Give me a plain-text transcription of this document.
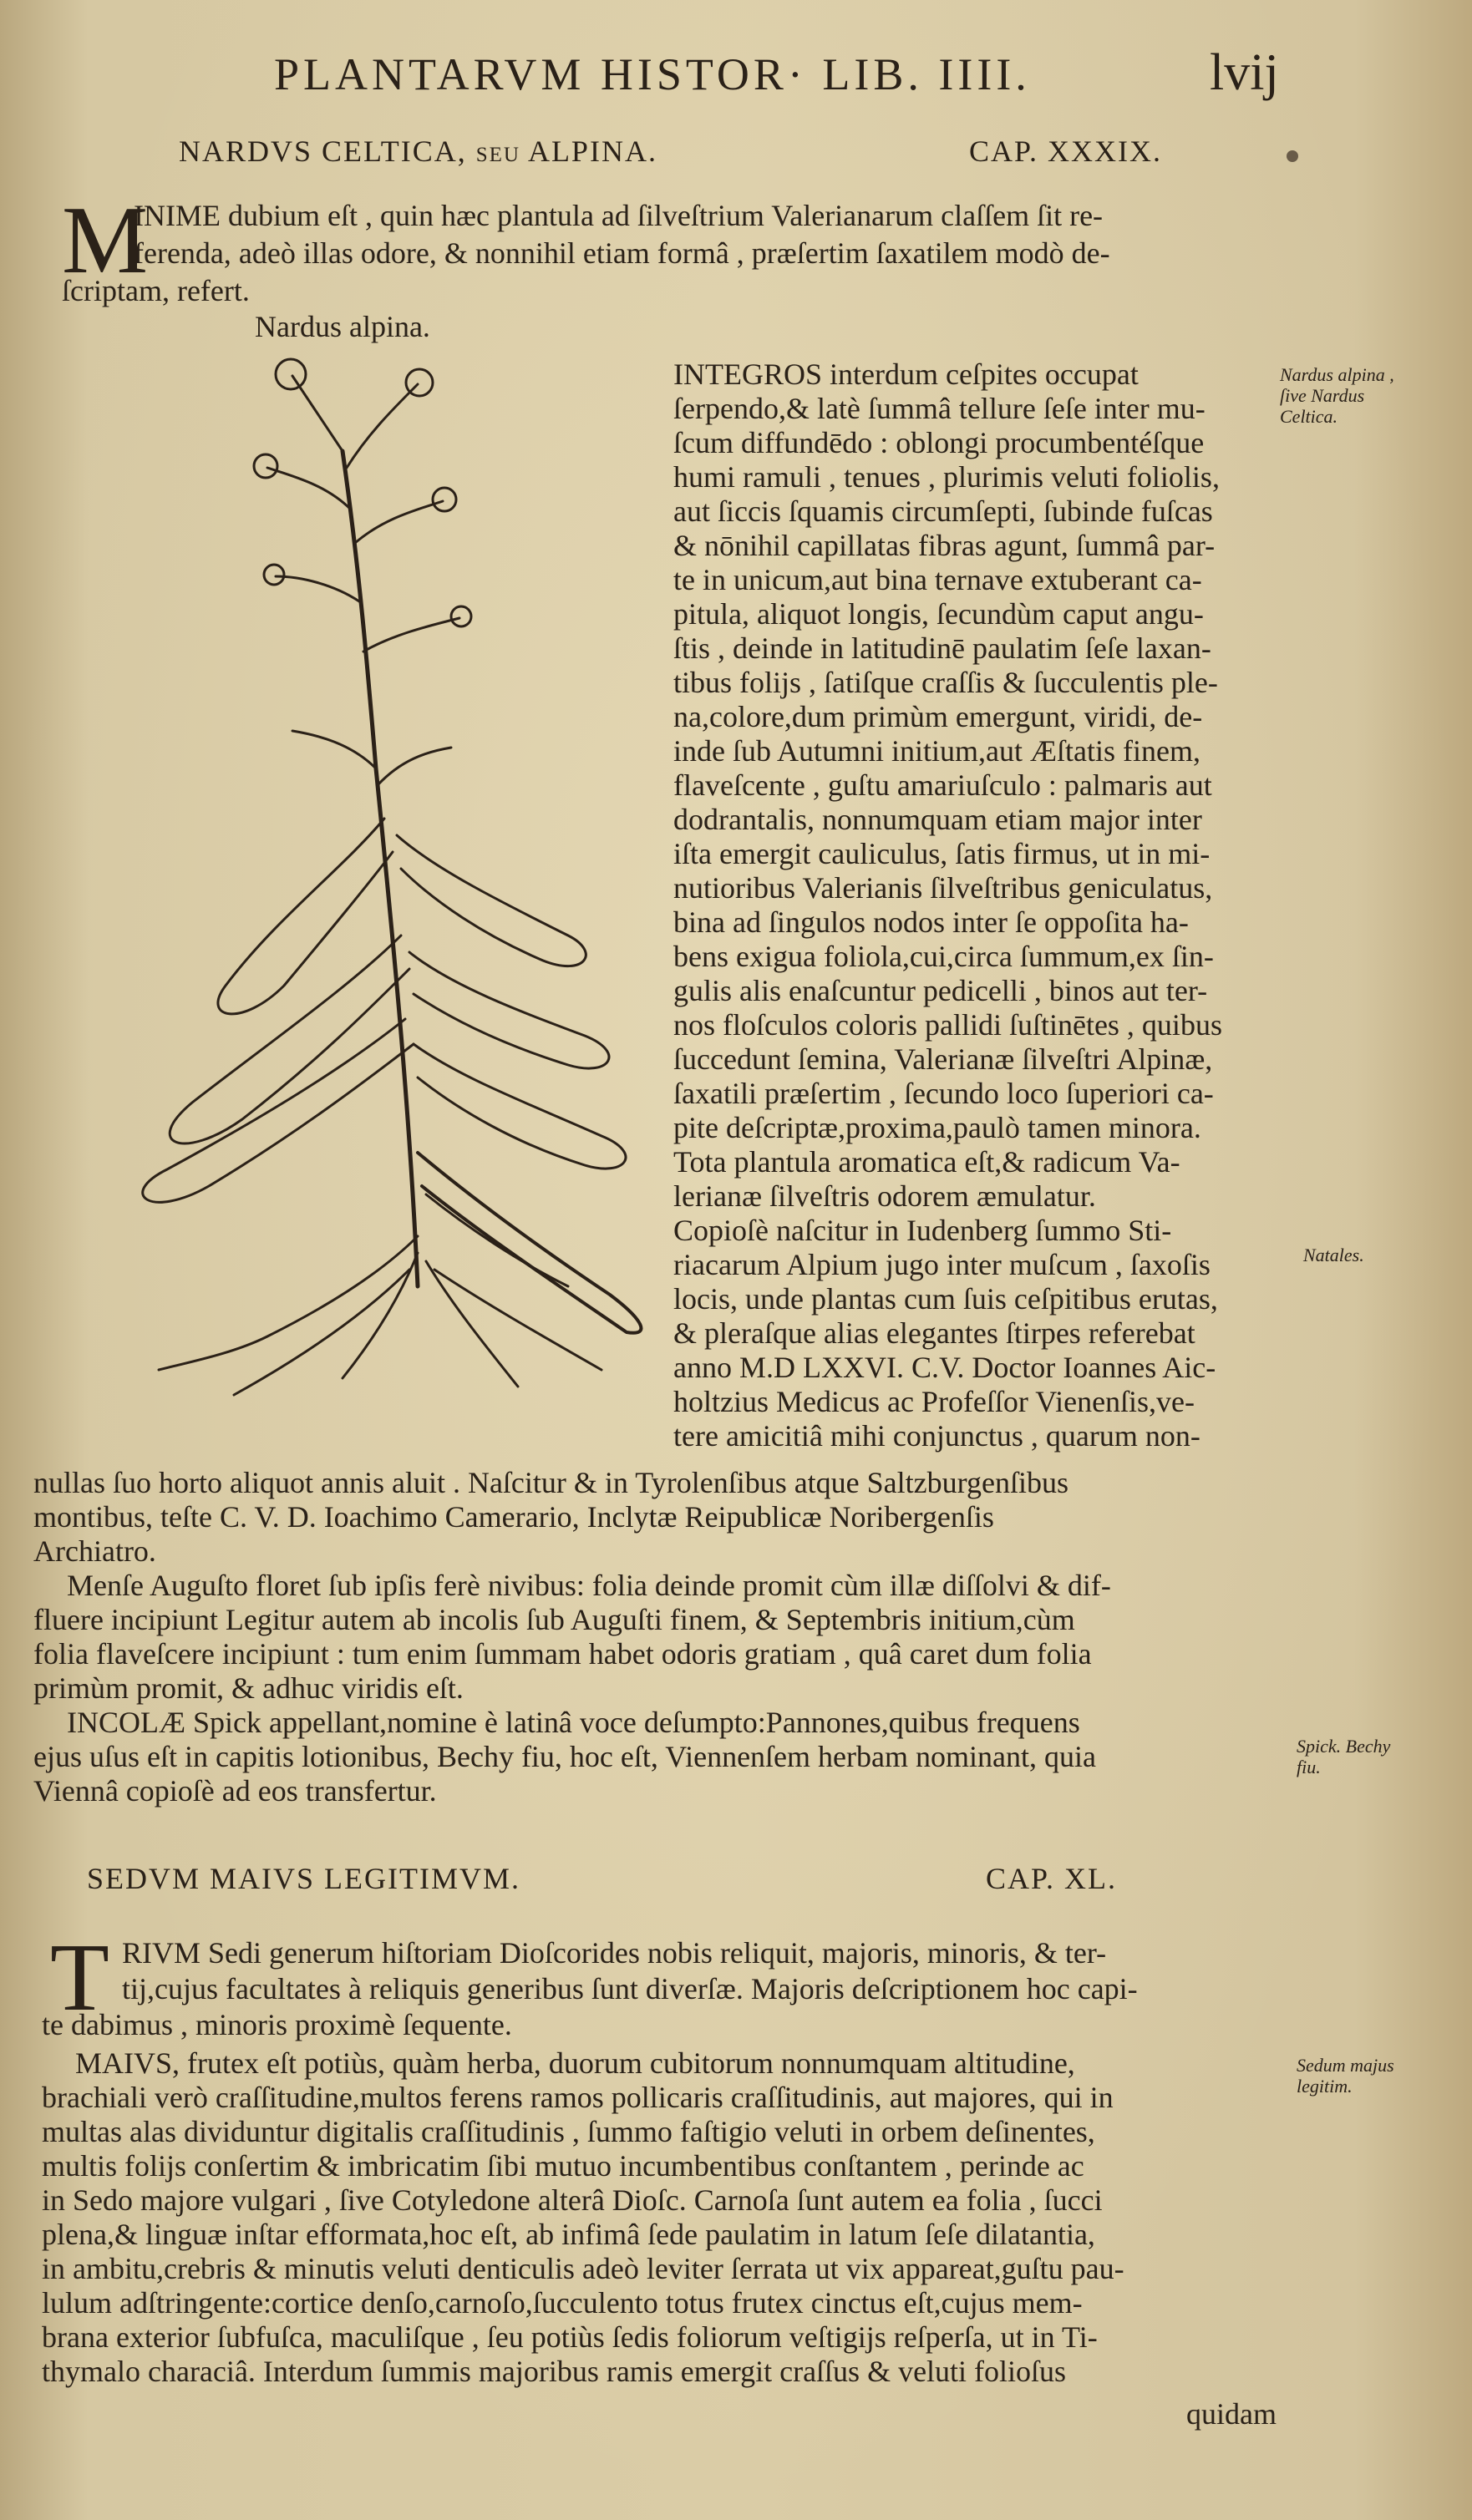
PLANTARVM HISTOR· LIB. IIII.	lvij
NARDVS CELTICA, ſeu ALPINA.	CAP. XXXIX.
M
INIME dubium eſt , quin hæc plantula ad ſilveſtrium Valerianarum claſſem ſit re-
ferenda, adeò illas odore, & nonnihil etiam formâ , præſertim ſaxatilem modò de-
ſcriptam, refert.
Nardus alpina.
INTEGROS interdum ceſpites occupat
ſerpendo,& latè ſummâ tellure ſeſe inter mu-
ſcum diffundēdo : oblongi procumbentéſque
humi ramuli , tenues , plurimis veluti foliolis,
aut ſiccis ſquamis circumſepti, ſubinde fuſcas
& nōnihil capillatas fibras agunt, ſummâ par-
te in unicum,aut bina ternave extuberant ca-
pitula, aliquot longis, ſecundùm caput angu-
ſtis , deinde in latitudinē paulatim ſeſe laxan-
tibus folijs , ſatiſque craſſis & ſucculentis ple-
na,colore,dum primùm emergunt, viridi, de-
inde ſub Autumni initium,aut Æſtatis finem,
flaveſcente , guſtu amariuſculo : palmaris aut
dodrantalis, nonnumquam etiam major inter
iſta emergit cauliculus, ſatis firmus, ut in mi-
nutioribus Valerianis ſilveſtribus geniculatus,
bina ad ſingulos nodos inter ſe oppoſita ha-
bens exigua foliola,cui,circa ſummum,ex ſin-
gulis alis enaſcuntur pedicelli , binos aut ter-
nos floſculos coloris pallidi ſuſtinētes , quibus
ſuccedunt ſemina, Valerianæ ſilveſtri Alpinæ,
ſaxatili præſertim , ſecundo loco ſuperiori ca-
pite deſcriptæ,proxima,paulò tamen minora.
Tota plantula aromatica eſt,& radicum Va-
lerianæ ſilveſtris odorem æmulatur.
Copioſè naſcitur in Iudenberg ſummo Sti-
riacarum Alpium jugo inter muſcum , ſaxoſis
locis, unde plantas cum ſuis ceſpitibus erutas,
& pleraſque alias elegantes ſtirpes referebat
anno M.D LXXVI. C.V. Doctor Ioannes Aic-
holtzius Medicus ac Profeſſor Vienenſis,ve-
tere amicitiâ mihi conjunctus , quarum non-
Nardus alpina , ſive Nardus Celtica.
Natales.
Spick. Bechy fiu.
nullas ſuo horto aliquot annis aluit . Naſcitur & in Tyrolenſibus atque Saltzburgenſibus
montibus, teſte C. V. D. Ioachimo Camerario, Inclytæ Reipublicæ Noribergenſis
Archiatro.
Menſe Auguſto floret ſub ipſis ferè nivibus: folia deinde promit cùm illæ diſſolvi & dif-
fluere incipiunt Legitur autem ab incolis ſub Auguſti finem, & Septembris initium,cùm
folia flaveſcere incipiunt : tum enim ſummam habet odoris gratiam , quâ caret dum folia
primùm promit, & adhuc viridis eſt.
INCOLÆ Spick appellant,nomine è latinâ voce deſumpto:Pannones,quibus frequens
ejus uſus eſt in capitis lotionibus, Bechy fiu, hoc eſt, Viennenſem herbam nominant, quia
Viennâ copioſè ad eos transfertur.
SEDVM MAIVS LEGITIMVM.	CAP. XL.
T RIVM Sedi generum hiſtoriam Dioſcorides nobis reliquit, majoris, minoris, & ter-
tij,cujus facultates à reliquis generibus ſunt diverſæ. Majoris deſcriptionem hoc capi-
te dabimus , minoris proximè ſequente.
MAIVS, frutex eſt potiùs, quàm herba, duorum cubitorum nonnumquam altitudine,
brachiali verò craſſitudine,multos ferens ramos pollicaris craſſitudinis, aut majores, qui in
multas alas dividuntur digitalis craſſitudinis , ſummo faſtigio veluti in orbem deſinentes,
multis folijs conſertim & imbricatim ſibi mutuo incumbentibus conſtantem , perinde ac
in Sedo majore vulgari , ſive Cotyledone alterâ Dioſc. Carnoſa ſunt autem ea folia , ſucci
plena,& linguæ inſtar efformata,hoc eſt, ab infimâ ſede paulatim in latum ſeſe dilatantia,
in ambitu,crebris & minutis veluti denticulis adeò leviter ſerrata ut vix appareat,guſtu pau-
lulum adſtringente:cortice denſo,carnoſo,ſucculento totus frutex cinctus eſt,cujus mem-
brana exterior ſubfuſca, maculiſque , ſeu potiùs ſedis foliorum veſtigijs reſperſa, ut in Ti-
thymalo characiâ. Interdum ſummis majoribus ramis emergit craſſus & veluti folioſus
quidam
Sedum majus legitim.
